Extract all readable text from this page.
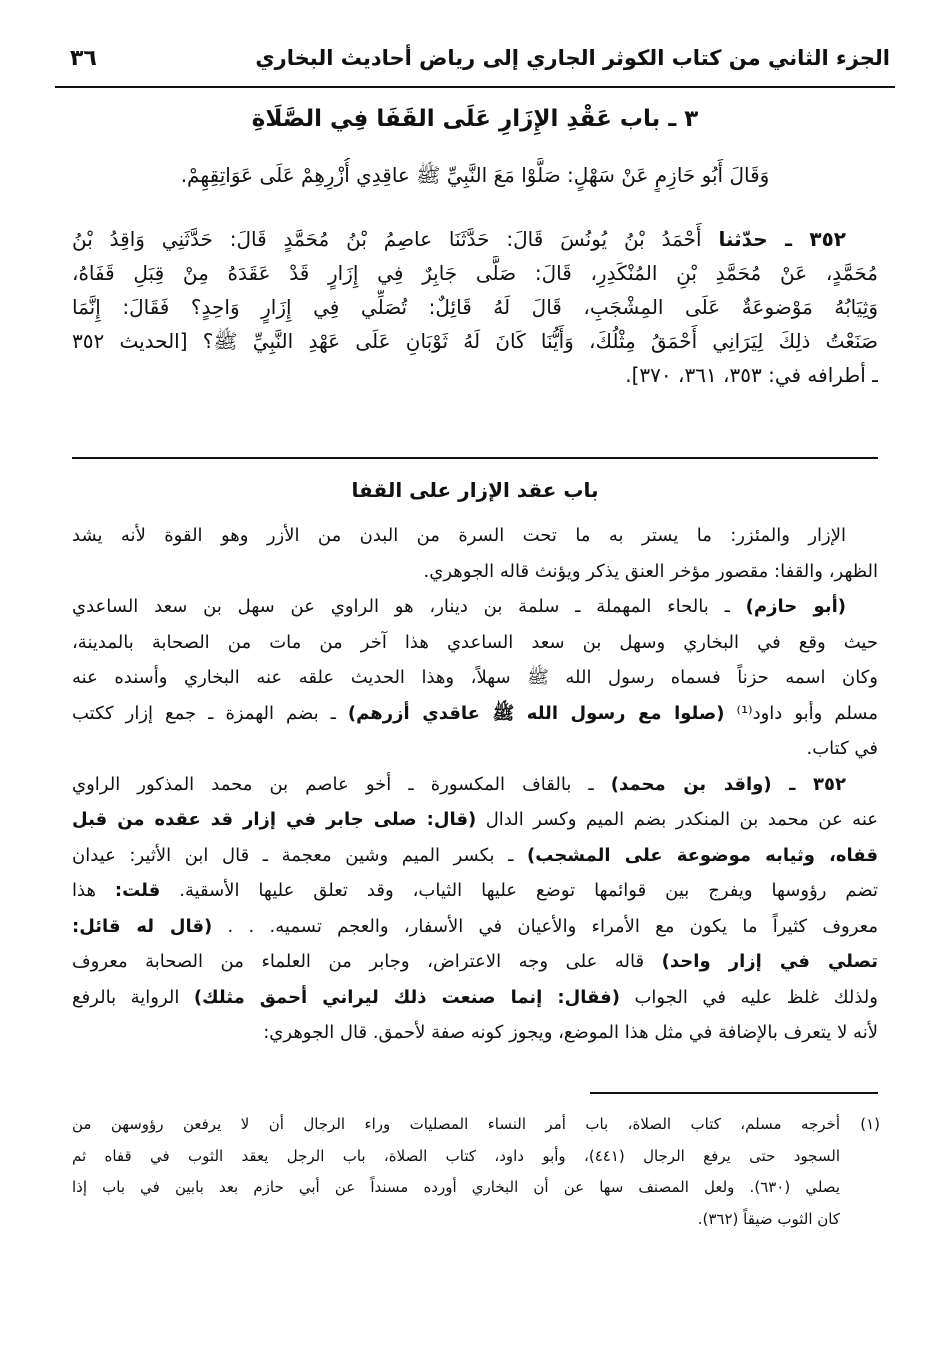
الجزء الثاني من كتاب الكوثر الجاري إلى رياض أحاديث البخاري
٣٦
٣ ـ باب عَقْدِ الإِزَارِ عَلَى القَفَا فِي الصَّلَاةِ
وَقَالَ أَبُو حَازِمٍ عَنْ سَهْلٍ: صَلَّوْا مَعَ النَّبِيِّ ﷺ عاقِدِي أُزْرِهِمْ عَلَى عَوَاتِقِهِمْ.
٣٥٢ ـ حدّثنا أَحْمَدُ بْنُ يُونُسَ قَالَ: حَدَّثَنَا عاصِمُ بْنُ مُحَمَّدٍ قَالَ: حَدَّثَنِي وَاقِدُ بْنُ
مُحَمَّدٍ، عَنْ مُحَمَّدِ بْنِ المُنْكَدِرِ، قَالَ: صَلَّى جَابِرٌ فِي إِزَارٍ قَدْ عَقَدَهُ مِنْ قِبَلِ قَفَاهُ،
وَثِيَابُهُ مَوْضوعَةٌ عَلَى المِشْجَبِ، قَالَ لَهُ قَائِلٌ: تُصَلِّي فِي إِزَارٍ وَاحِدٍ؟ فَقَالَ: إِنَّمَا
صَنَعْتُ ذلِكَ لِيَرَانِي أَحْمَقُ مِثْلُكَ، وَأَيُّنَا كَانَ لَهُ ثَوْبَانِ عَلَى عَهْدِ النَّبِيِّ ﷺ؟ [الحديث ٣٥٢
ـ أطرافه في: ٣٥٣، ٣٦١، ٣٧٠].
باب عقد الإزار على القفا
الإزار والمئزر: ما يستر به ما تحت السرة من البدن من الأزر وهو القوة لأنه يشد
الظهر، والقفا: مقصور مؤخر العنق يذكر ويؤنث قاله الجوهري.
(أبو حازم) ـ بالحاء المهملة ـ سلمة بن دينار، هو الراوي عن سهل بن سعد الساعدي
حيث وقع في البخاري وسهل بن سعد الساعدي هذا آخر من مات من الصحابة بالمدينة،
وكان اسمه حزناً فسماه رسول الله ﷺ سهلاً، وهذا الحديث علقه عنه البخاري وأسنده عنه
مسلم وأبو داود⁽¹⁾ (صلوا مع رسول الله ﷺ عاقدي أزرهم) ـ بضم الهمزة ـ جمع إزار ككتب
في كتاب.
٣٥٢ ـ (واقد بن محمد) ـ بالقاف المكسورة ـ أخو عاصم بن محمد المذكور الراوي
عنه عن محمد بن المنكدر بضم الميم وكسر الدال (قال: صلى جابر في إزار قد عقده من قبل
قفاه، وثيابه موضوعة على المشجب) ـ بكسر الميم وشين معجمة ـ قال ابن الأثير: عيدان
تضم رؤوسها ويفرج بين قوائمها توضع عليها الثياب، وقد تعلق عليها الأسقية. قلت: هذا
معروف كثيراً ما يكون مع الأمراء والأعيان في الأسفار، والعجم تسميه. . . (قال له قائل:
تصلي في إزار واحد) قاله على وجه الاعتراض، وجابر من العلماء من الصحابة معروف
ولذلك غلظ عليه في الجواب (فقال: إنما صنعت ذلك ليراني أحمق مثلك) الرواية بالرفع
لأنه لا يتعرف بالإضافة في مثل هذا الموضع، ويجوز كونه صفة لأحمق. قال الجوهري:
(١)
أخرجه مسلم، كتاب الصلاة، باب أمر النساء المصليات وراء الرجال أن لا يرفعن رؤوسهن من
السجود حتى يرفع الرجال (٤٤١)، وأبو داود، كتاب الصلاة، باب الرجل يعقد الثوب في قفاه ثم
يصلي (٦٣٠). ولعل المصنف سها عن أن البخاري أورده مسنداً عن أبي حازم بعد بابين في باب إذا
كان الثوب ضيقاً (٣٦٢).
